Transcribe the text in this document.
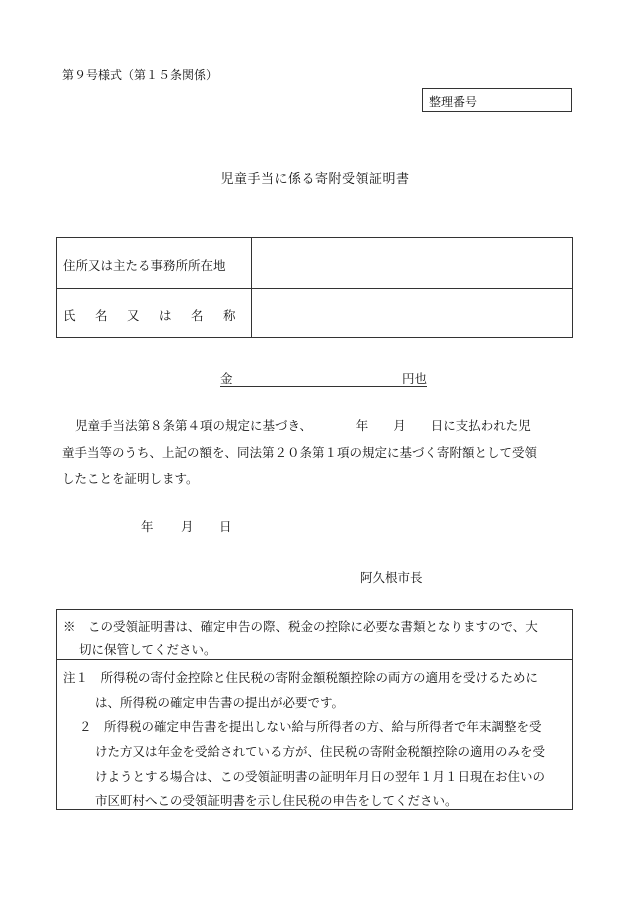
第９号様式（第１５条関係）
整理番号
児童手当に係る寄附受領証明書
住所又は主たる事務所所在地
氏名又は名称
金	円也
児童手当法第８条第４項の規定に基づき、　　　　年　　月　　日に支払われた児
童手当等のうち、上記の額を、同法第２０条第１項の規定に基づく寄附額として受領
したことを証明します。
年 月 日
阿久根市長
※　この受領証明書は、確定申告の際、税金の控除に必要な書類となりますので、大
切に保管してください。
注１　所得税の寄付金控除と住民税の寄附金額税額控除の両方の適用を受けるために
は、所得税の確定申告書の提出が必要です。
２　所得税の確定申告書を提出しない給与所得者の方、給与所得者で年末調整を受
けた方又は年金を受給されている方が、住民税の寄附金税額控除の適用のみを受
けようとする場合は、この受領証明書の証明年月日の翌年１月１日現在お住いの
市区町村へこの受領証明書を示し住民税の申告をしてください。
